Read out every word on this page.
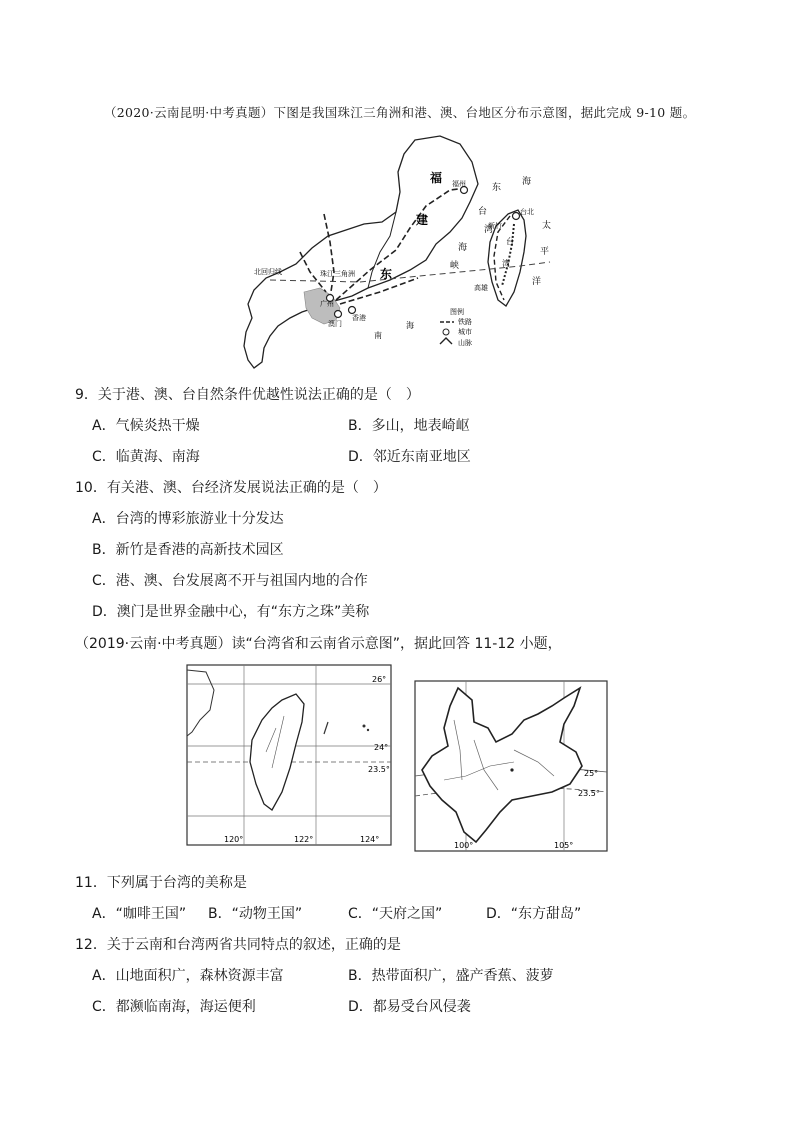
（2020·云南昆明·中考真题）下图是我国珠江三角洲和港、澳、台地区分布示意图，据此完成 9-10 题。
福
建
东
福州	东
海
台
湾
海
峡
台北
新竹
台
湾
高雄
太
平
洋
北回归线	珠江三角洲
广州
香港
澳门
南
海
图例
铁路
城市
山脉
9．关于港、澳、台自然条件优越性说法正确的是（　）
A．气候炎热干燥	B．多山，地表崎岖
C．临黄海、南海	D．邻近东南亚地区
10．有关港、澳、台经济发展说法正确的是（　）
A．台湾的博彩旅游业十分发达
B．新竹是香港的高新技术园区
C．港、澳、台发展离不开与祖国内地的合作
D．澳门是世界金融中心，有“东方之珠”美称
（2019·云南·中考真题）读“台湾省和云南省示意图”，据此回答 11-12 小题，
26°
24°
23.5°
120°	122°	124°
25°
23.5°
100°	105°
11．下列属于台湾的美称是
A．“咖啡王国” B．“动物王国”	C．“天府之国”	D．“东方甜岛”
12．关于云南和台湾两省共同特点的叙述，正确的是
A．山地面积广，森林资源丰富	B．热带面积广，盛产香蕉、菠萝
C．都濒临南海，海运便利	D．都易受台风侵袭
